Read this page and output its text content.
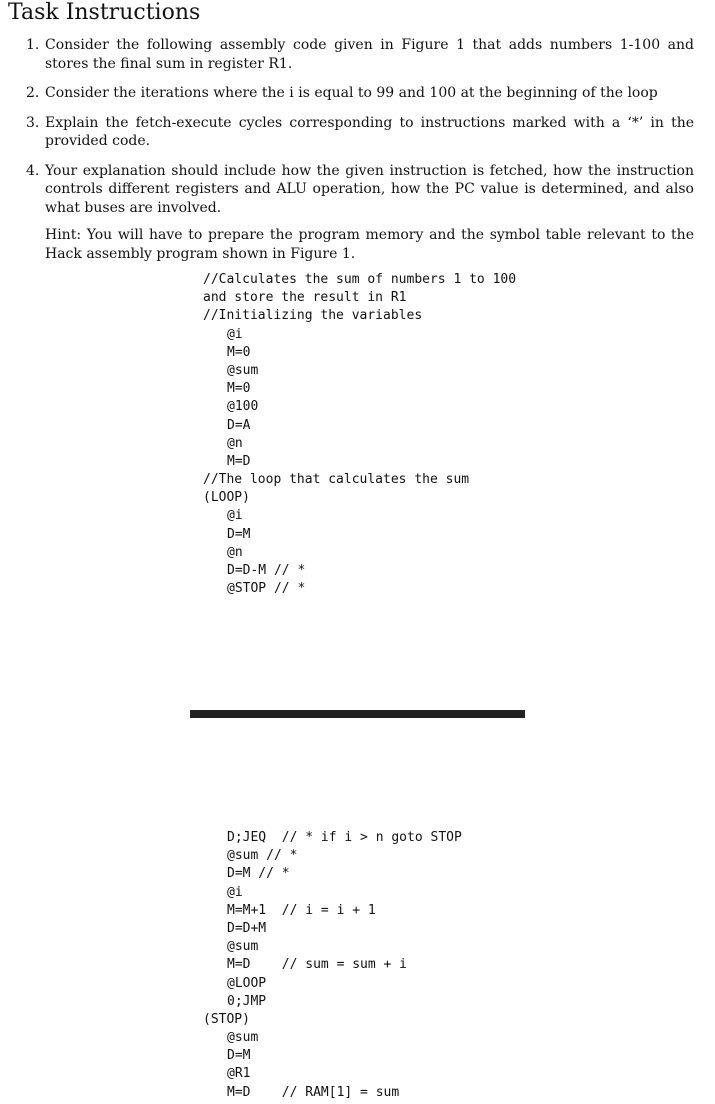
Task Instructions
1. Consider the following assembly code given in Figure 1 that adds numbers 1-100 and stores the final sum in register R1.
2. Consider the iterations where the i is equal to 99 and 100 at the beginning of the loop
3. Explain the fetch-execute cycles corresponding to instructions marked with a ‘*’ in the provided code.
4. Your explanation should include how the given instruction is fetched, how the instruction controls different registers and ALU operation, how the PC value is determined, and also what buses are involved.
Hint: You will have to prepare the program memory and the symbol table relevant to the Hack assembly program shown in Figure 1.
//Calculates the sum of numbers 1 to 100
and store the result in R1
//Initializing the variables
@i
M=0
@sum
M=0
@100
D=A
@n
M=D
//The loop that calculates the sum
(LOOP)
@i
D=M
@n
D=D-M // *
@STOP // *
D;JEQ  // * if i > n goto STOP
@sum // *
D=M // *
@i
M=M+1  // i = i + 1
D=D+M
@sum
M=D    // sum = sum + i
@LOOP
0;JMP
(STOP)
@sum
D=M
@R1
M=D    // RAM[1] = sum
